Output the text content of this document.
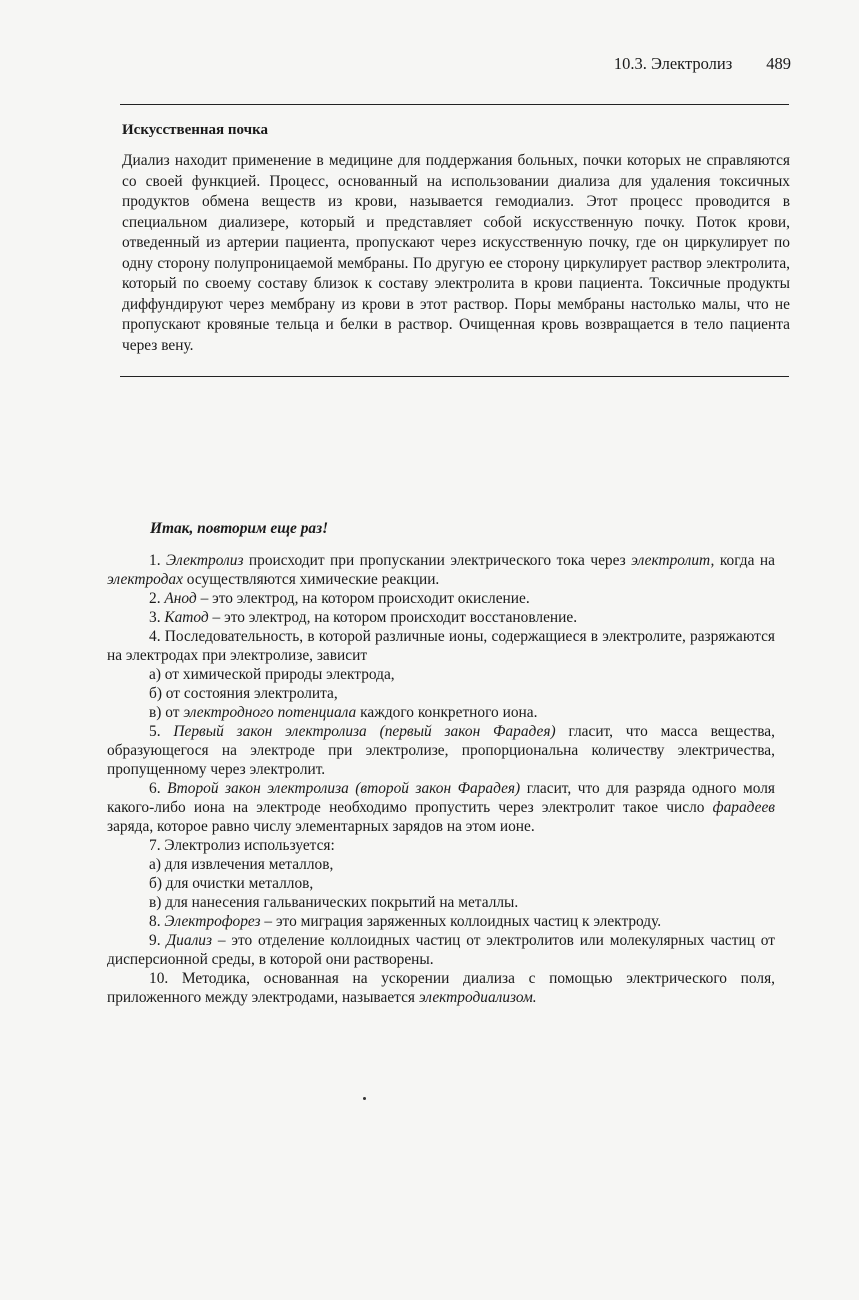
10.3. Электролиз 489
Искусственная почка
Диализ находит применение в медицине для поддержания больных, почки которых не справляются со своей функцией. Процесс, основанный на использовании диализа для удаления токсичных продуктов обмена веществ из крови, называется гемодиализ. Этот процесс проводится в специальном диализере, который и представляет собой искусственную почку. Поток крови, отведенный из артерии пациента, пропускают через искусственную почку, где он циркулирует по одну сторону полупроницаемой мембраны. По другую ее сторону циркулирует раствор электролита, который по своему составу близок к составу электролита в крови пациента. Токсичные продукты диффундируют через мембрану из крови в этот раствор. Поры мембраны настолько малы, что не пропускают кровяные тельца и белки в раствор. Очищенная кровь возвращается в тело пациента через вену.
Итак, повторим еще раз!

1. Электролиз происходит при пропускании электрического тока через электролит, когда на электродах осуществляются химические реакции.

2. Анод – это электрод, на котором происходит окисление.

3. Катод – это электрод, на котором происходит восстановление.

4. Последовательность, в которой различные ионы, содержащиеся в электролите, разряжаются на электродах при электролизе, зависит

а) от химической природы электрода,

б) от состояния электролита,

в) от электродного потенциала каждого конкретного иона.

5. Первый закон электролиза (первый закон Фарадея) гласит, что масса вещества, образующегося на электроде при электролизе, пропорциональна количеству электричества, пропущенному через электролит.

6. Второй закон электролиза (второй закон Фарадея) гласит, что для разряда одного моля какого-либо иона на электроде необходимо пропустить через электролит такое число фарадеев заряда, которое равно числу элементарных зарядов на этом ионе.

7. Электролиз используется:

а) для извлечения металлов,

б) для очистки металлов,

в) для нанесения гальванических покрытий на металлы.

8. Электрофорез – это миграция заряженных коллоидных частиц к электроду.

9. Диализ – это отделение коллоидных частиц от электролитов или молекулярных частиц от дисперсионной среды, в которой они растворены.

10. Методика, основанная на ускорении диализа с помощью электрического поля, приложенного между электродами, называется электродиализом.
